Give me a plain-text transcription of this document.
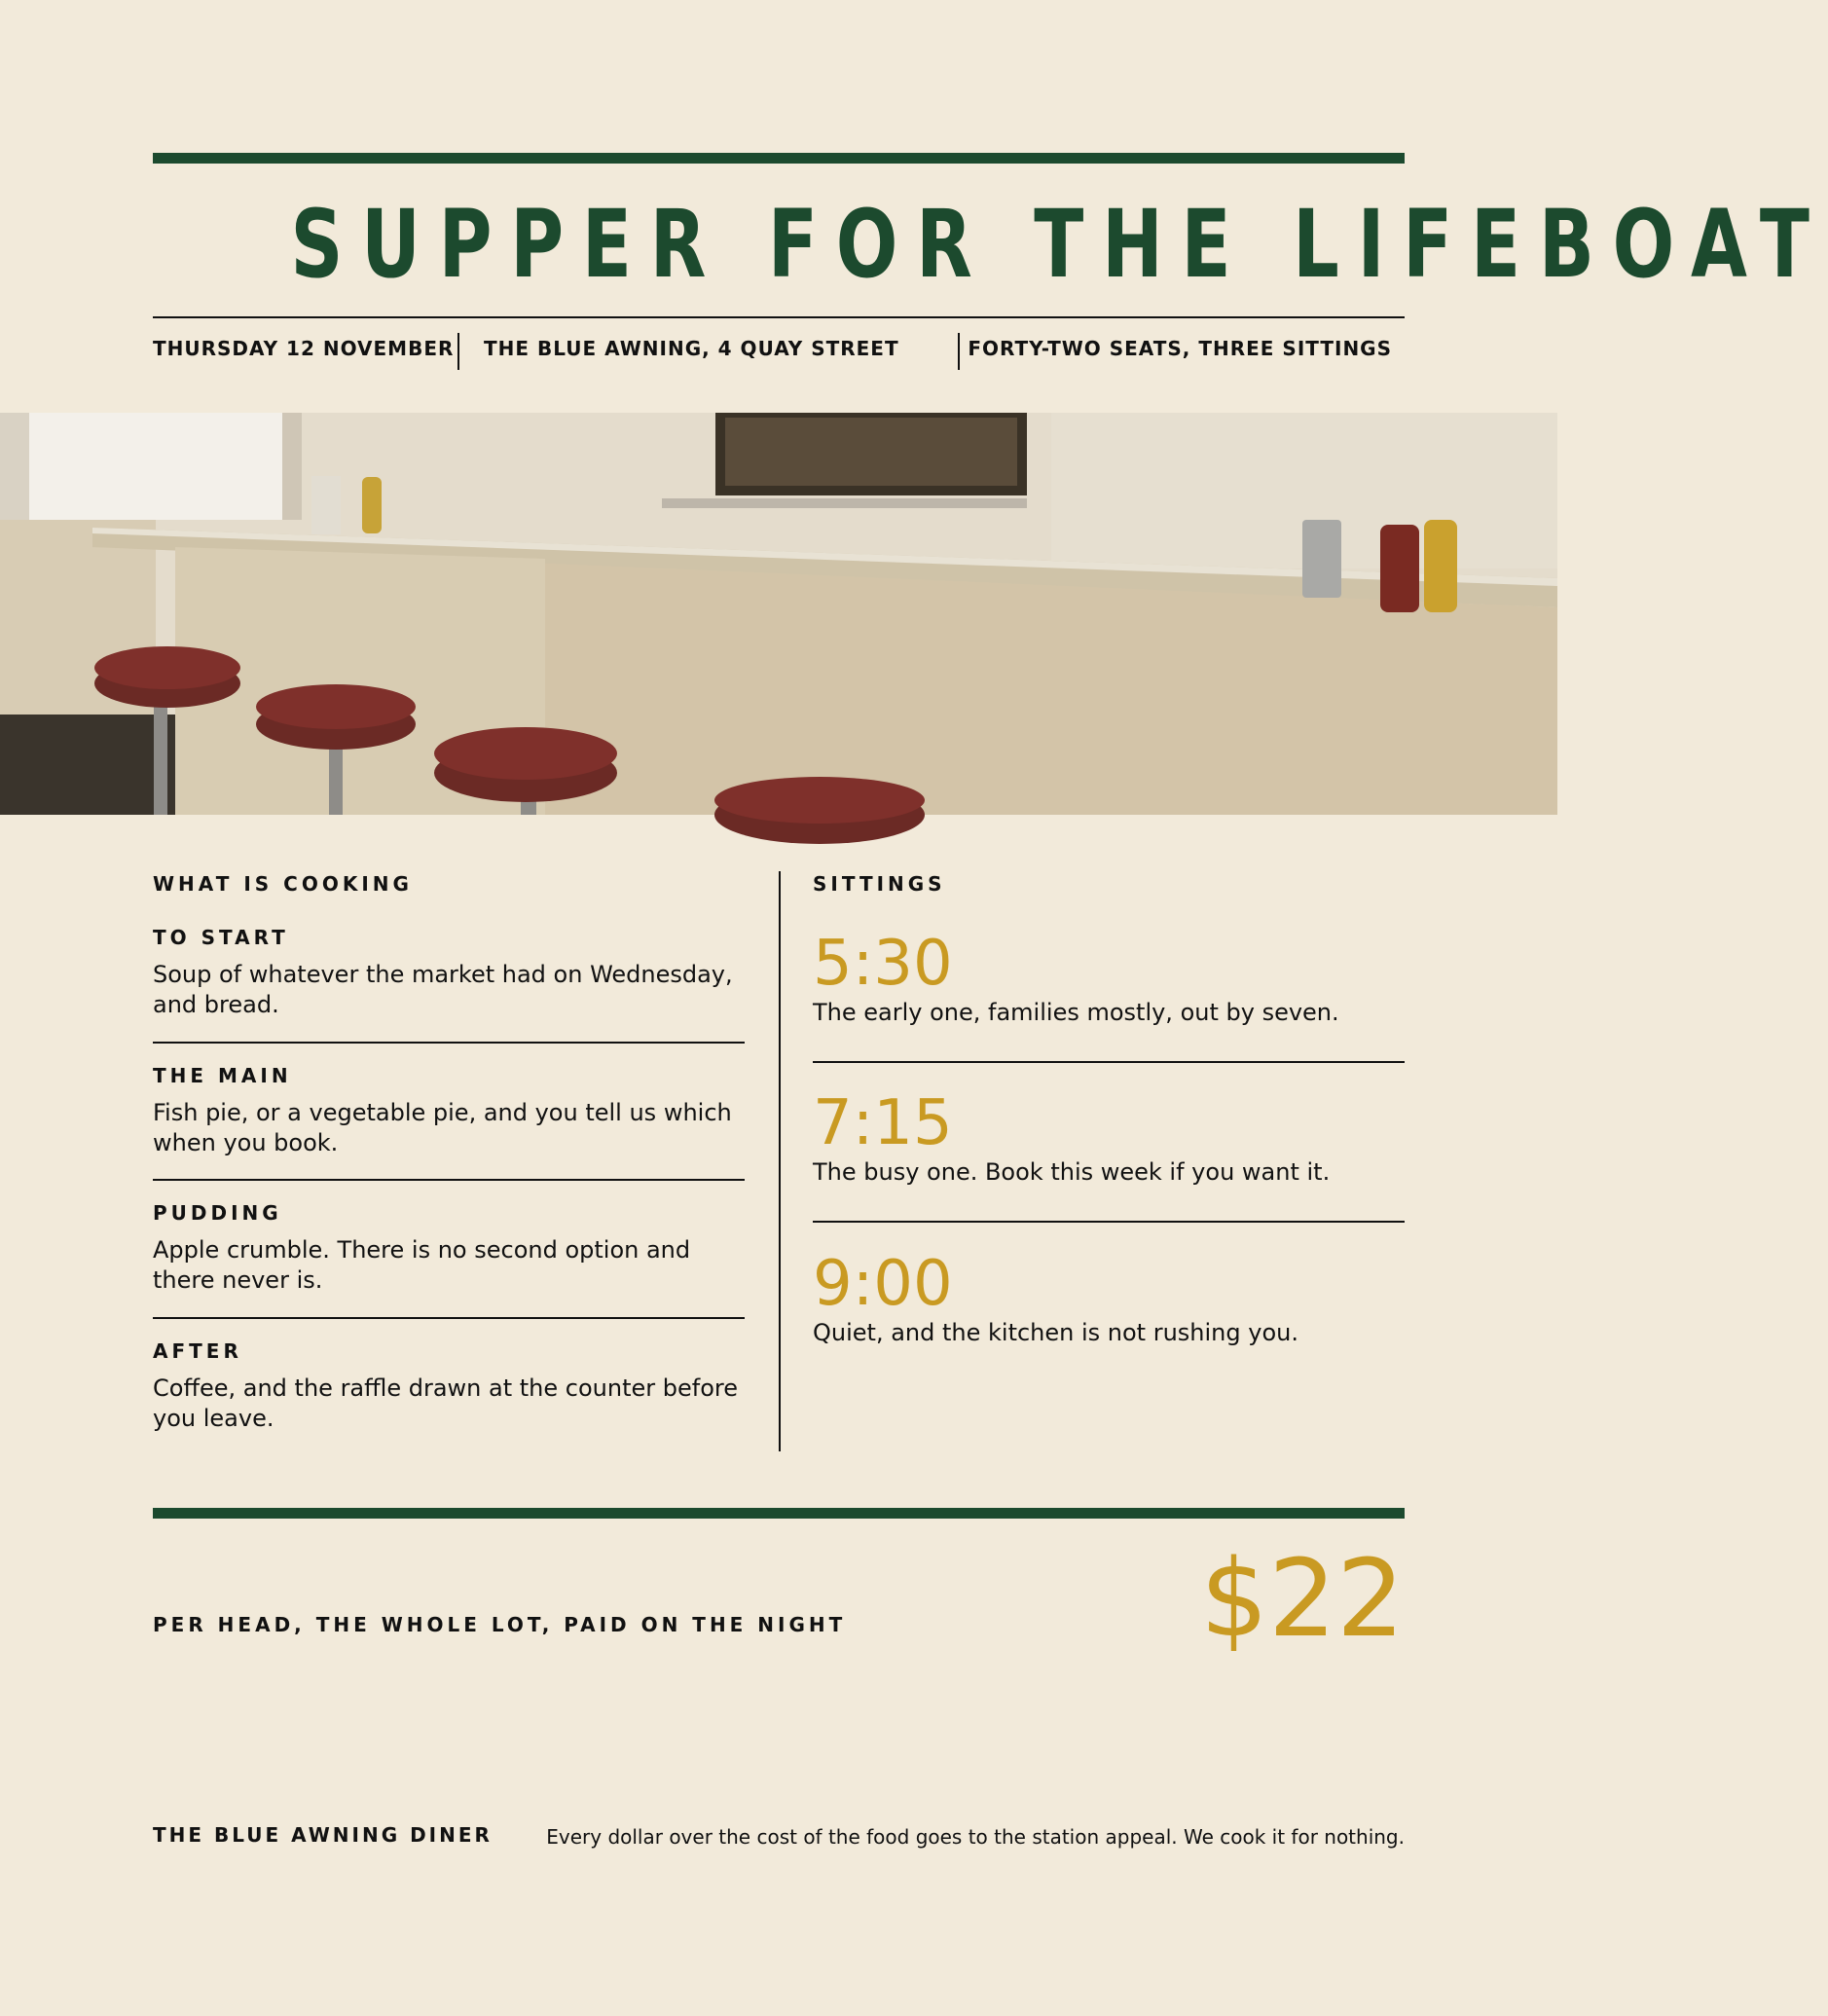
SUPPER FOR THE LIFEBOAT
THURSDAY 12 NOVEMBER THE BLUE AWNING, 4 QUAY STREET	FORTY-TWO SEATS, THREE SITTINGS
WHAT IS COOKING
TO START
Soup of whatever the market had on Wednesday, and bread.
THE MAIN
Fish pie, or a vegetable pie, and you tell us which when you book.
PUDDING
Apple crumble. There is no second option and there never is.
AFTER
Coffee, and the raffle drawn at the counter before you leave.
SITTINGS
5:30
The early one, families mostly, out by seven.
7:15
The busy one. Book this week if you want it.
9:00
Quiet, and the kitchen is not rushing you.
PER HEAD, THE WHOLE LOT, PAID ON THE NIGHT	$22
THE BLUE AWNING DINER	Every dollar over the cost of the food goes to the station appeal. We cook it for nothing.
